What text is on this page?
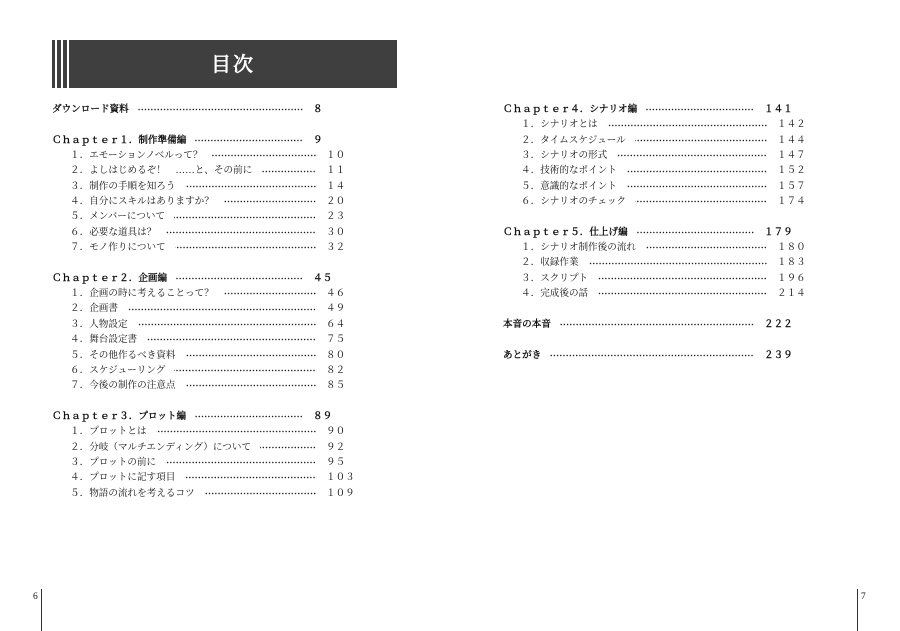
目次
ダウンロード資料	８
Ｃｈａｐｔｅｒ１．制作準備編	９
１． エモーションノベルって？	１０
２． よしはじめるぞ！　……と、その前に	１１
３． 制作の手順を知ろう	１４
４． 自分にスキルはありますか？	２０
５． メンバーについて	２３
６． 必要な道具は？	３０
７． モノ作りについて	３２
Ｃｈａｐｔｅｒ２．企画編	４５
１． 企画の時に考えることって？	４６
２． 企画書	４９
３． 人物設定	６４
４． 舞台設定書	７５
５． その他作るべき資料	８０
６． スケジューリング	８２
７． 今後の制作の注意点	８５
Ｃｈａｐｔｅｒ３．プロット編	８９
１． プロットとは	９０
２． 分岐（マルチエンディング）について	９２
３． プロットの前に	９５
４． プロットに記す項目	１０３
５． 物語の流れを考えるコツ	１０９
Ｃｈａｐｔｅｒ４．シナリオ編	１４１
１． シナリオとは	１４２
２． タイムスケジュール	１４４
３． シナリオの形式	１４７
４． 技術的なポイント	１５２
５． 意識的なポイント	１５７
６． シナリオのチェック	１７４
Ｃｈａｐｔｅｒ５．仕上げ編	１７９
１． シナリオ制作後の流れ	１８０
２． 収録作業	１８３
３． スクリプト	１９６
４． 完成後の話	２１４
本音の本音	２２２
あとがき	２３９
6	7
